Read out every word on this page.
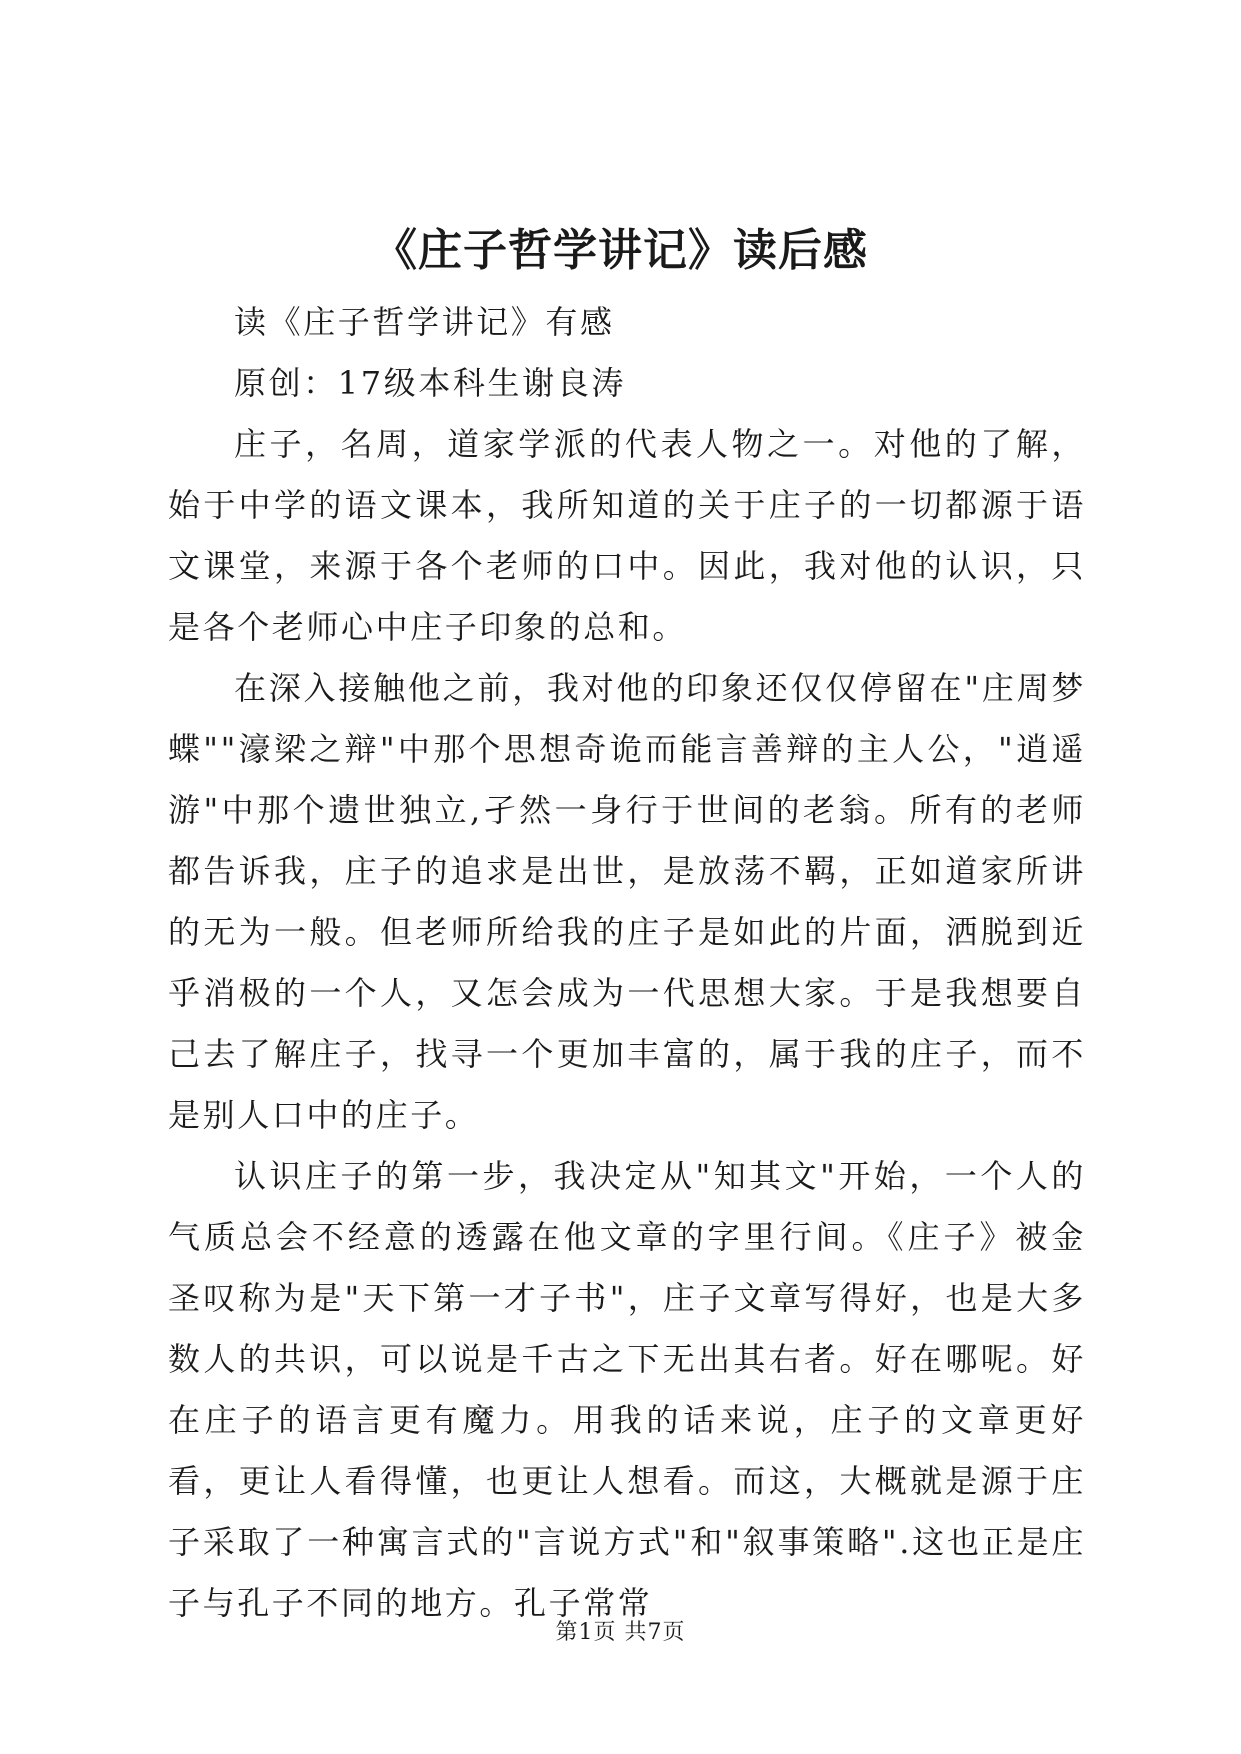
《庄子哲学讲记》读后感

读《庄子哲学讲记》有感

原创：17级本科生谢良涛

庄子，名周，道家学派的代表人物之一。对他的了解，始于中学的语文课本，我所知道的关于庄子的一切都源于语文课堂，来源于各个老师的口中。因此，我对他的认识，只是各个老师心中庄子印象的总和。

在深入接触他之前，我对他的印象还仅仅停留在"庄周梦蝶""濠梁之辩"中那个思想奇诡而能言善辩的主人公，"逍遥游"中那个遗世独立,孑然一身行于世间的老翁。所有的老师都告诉我，庄子的追求是出世，是放荡不羁，正如道家所讲的无为一般。但老师所给我的庄子是如此的片面，洒脱到近乎消极的一个人，又怎会成为一代思想大家。于是我想要自己去了解庄子，找寻一个更加丰富的，属于我的庄子，而不是别人口中的庄子。

认识庄子的第一步，我决定从"知其文"开始，一个人的气质总会不经意的透露在他文章的字里行间。《庄子》被金圣叹称为是"天下第一才子书"，庄子文章写得好，也是大多数人的共识，可以说是千古之下无出其右者。好在哪呢。好在庄子的语言更有魔力。用我的话来说，庄子的文章更好看，更让人看得懂，也更让人想看。而这，大概就是源于庄子采取了一种寓言式的"言说方式"和"叙事策略".这也正是庄子与孔子不同的地方。孔子常常

第1页 共7页
